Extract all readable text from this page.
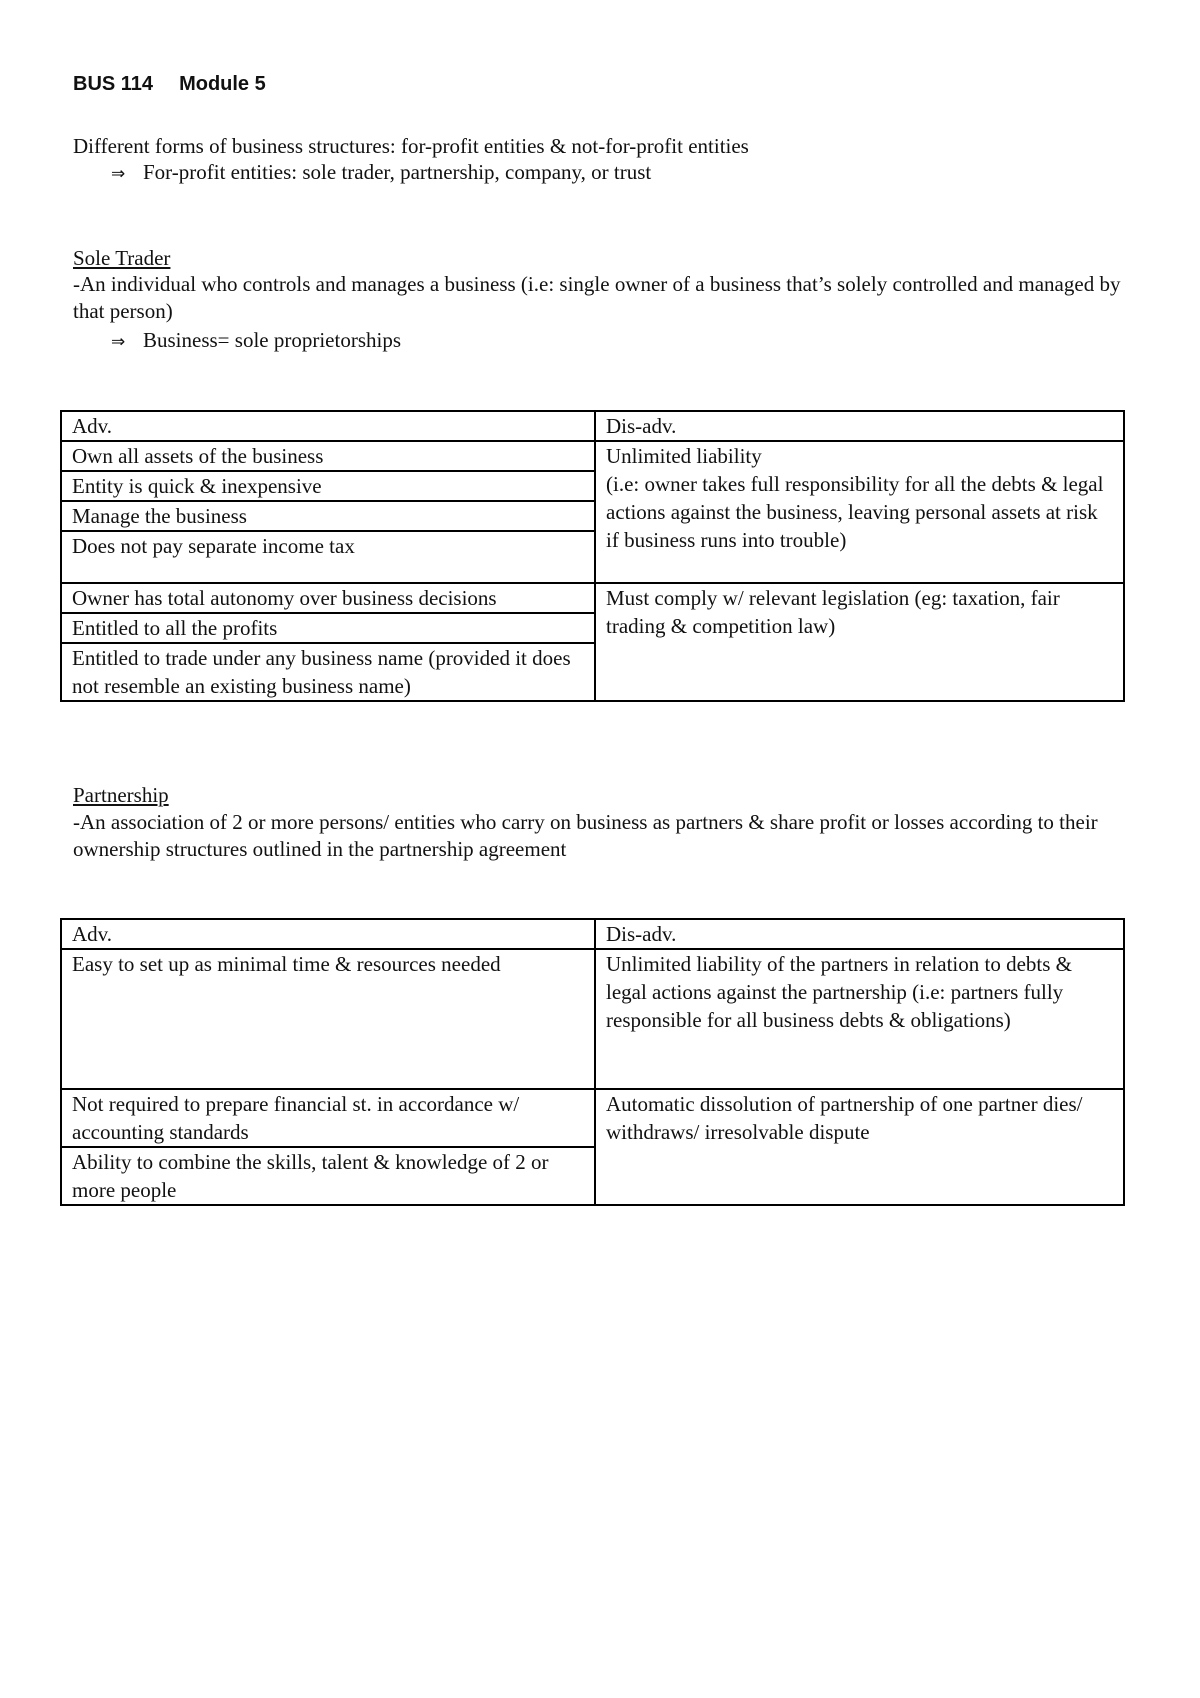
BUS 114 Module 5
Different forms of business structures: for-profit entities & not-for-profit entities
⇒ For-profit entities: sole trader, partnership, company, or trust
Sole Trader
-An individual who controls and manages a business (i.e: single owner of a business that’s solely controlled and managed by that person)
⇒ Business= sole proprietorships
Adv.	Dis-adv.
Own all assets of the business	Unlimited liability
(i.e: owner takes full responsibility for all the debts & legal actions against the business, leaving personal assets at risk if business runs into trouble)
Entity is quick & inexpensive	
Manage the business	
Does not pay separate income tax	
Owner has total autonomy over business decisions	Must comply w/ relevant legislation (eg: taxation, fair trading & competition law)
Entitled to all the profits	
Entitled to trade under any business name (provided it does not resemble an existing business name)	
Partnership
-An association of 2 or more persons/ entities who carry on business as partners & share profit or losses according to their ownership structures outlined in the partnership agreement
Adv.	Dis-adv.
Easy to set up as minimal time & resources needed	Unlimited liability of the partners in relation to debts & legal actions against the partnership (i.e: partners fully responsible for all business debts & obligations)
Not required to prepare financial st. in accordance w/ accounting standards	Automatic dissolution of partnership of one partner dies/ withdraws/ irresolvable dispute
Ability to combine the skills, talent & knowledge of 2 or more people	
